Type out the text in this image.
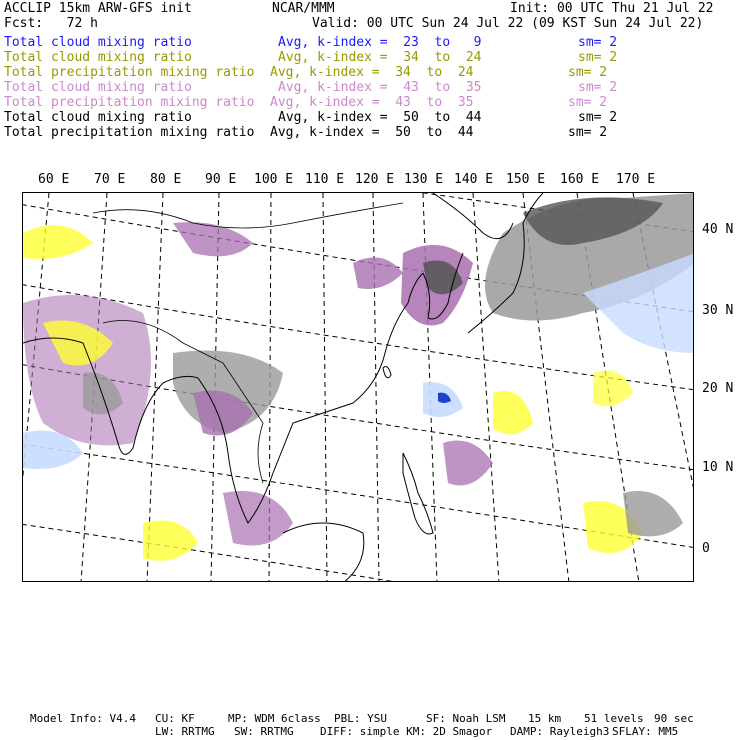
ACCLIP 15km ARW-GFS init	NCAR/MMM	Init: 00 UTC Thu 21 Jul 22
Fcst:   72 h	Valid: 00 UTC Sun 24 Jul 22 (09 KST Sun 24 Jul 22)
Total cloud mixing ratio	Avg, k-index =  23  to   9	sm= 2
Total cloud mixing ratio	Avg, k-index =  34  to  24	sm= 2
Total precipitation mixing ratio Avg, k-index =  34  to  24	sm= 2
Total cloud mixing ratio	Avg, k-index =  43  to  35	sm= 2
Total precipitation mixing ratio Avg, k-index =  43  to  35	sm= 2
Total cloud mixing ratio	Avg, k-index =  50  to  44	sm= 2
Total precipitation mixing ratio Avg, k-index =  50  to  44	sm= 2
60 E 70 E 80 E 90 E 100 E 110 E 120 E 130 E 140 E 150 E 160 E 170 E
40 N
30 N
20 N
10 N
0
Model Info: V4.4 CU: KF	MP: WDM 6class PBL: YSU	SF: Noah LSM 15 km 51 levels 90 sec
LW: RRTMG SW: RRTMG DIFF: simple KM: 2D Smagor DAMP: Rayleigh3 SFLAY: MM5
